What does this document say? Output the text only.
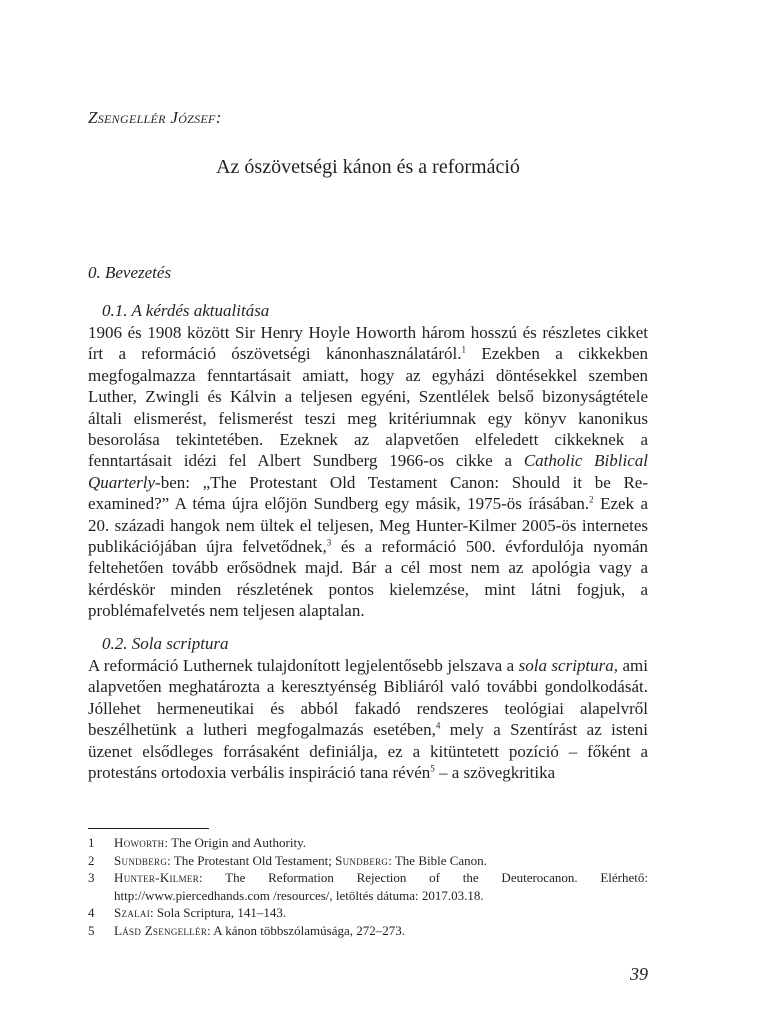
Zsengellér József:
Az ószövetségi kánon és a reformáció
0. Bevezetés
0.1. A kérdés aktualitása

1906 és 1908 között Sir Henry Hoyle Howorth három hosszú és részletes cikket írt a reformáció ószövetségi kánonhasználatáról.$^1$ Ezekben a cikkekben megfogalmazza fenntartásait amiatt, hogy az egyházi döntésekkel szemben Luther, Zwingli és Kálvin a teljesen egyéni, Szentlélek belső bizonyságtétele általi elismerést, felismerést teszi meg kritériumnak egy könyv kanonikus besorolása tekintetében. Ezeknek az alapvetően elfeledett cikkeknek a fenntartásait idézi fel Albert Sundberg 1966-os cikke a Catholic Biblical Quarterly-ben: „The Protestant Old Testament Canon: Should it be Re-examined?” A téma újra előjön Sundberg egy másik, 1975-ös írásában.$^2$ Ezek a 20. századi hangok nem ültek el teljesen, Meg Hunter-Kilmer 2005-ös internetes publikációjában újra felvetődnek,$^3$ és a reformáció 500. évfordulója nyomán feltehetően tovább erősödnek majd. Bár a cél most nem az apológia vagy a kérdéskör minden részletének pontos kielemzése, mint látni fogjuk, a problémafelvetés nem teljesen alaptalan.

0.2. Sola scriptura

A reformáció Luthernek tulajdonított legjelentősebb jelszava a sola scriptura, ami alapvetően meghatározta a keresztyénség Bibliáról való további gondolkodását. Jóllehet hermeneutikai és abból fakadó rendszeres teológiai alapelvről beszélhetünk a lutheri megfogalmazás esetében,$^4$ mely a Szentírást az isteni üzenet elsődleges forrásaként definiálja, ez a kitüntetett pozíció – főként a protestáns ortodoxia verbális inspiráció tana révén$^5$ – a szövegkritika

1	Howorth: The Origin and Authority.
2	Sundberg: The Protestant Old Testament; Sundberg: The Bible Canon.
3	Hunter-Kilmer: The Reformation Rejection of the Deuterocanon. Elérhető: http://www.piercedhands.com /resources/, letöltés dátuma: 2017.03.18.
4	Szalai: Sola Scriptura, 141–143.
5	Lásd Zsengellér: A kánon többszólamúsága, 272–273.
39
